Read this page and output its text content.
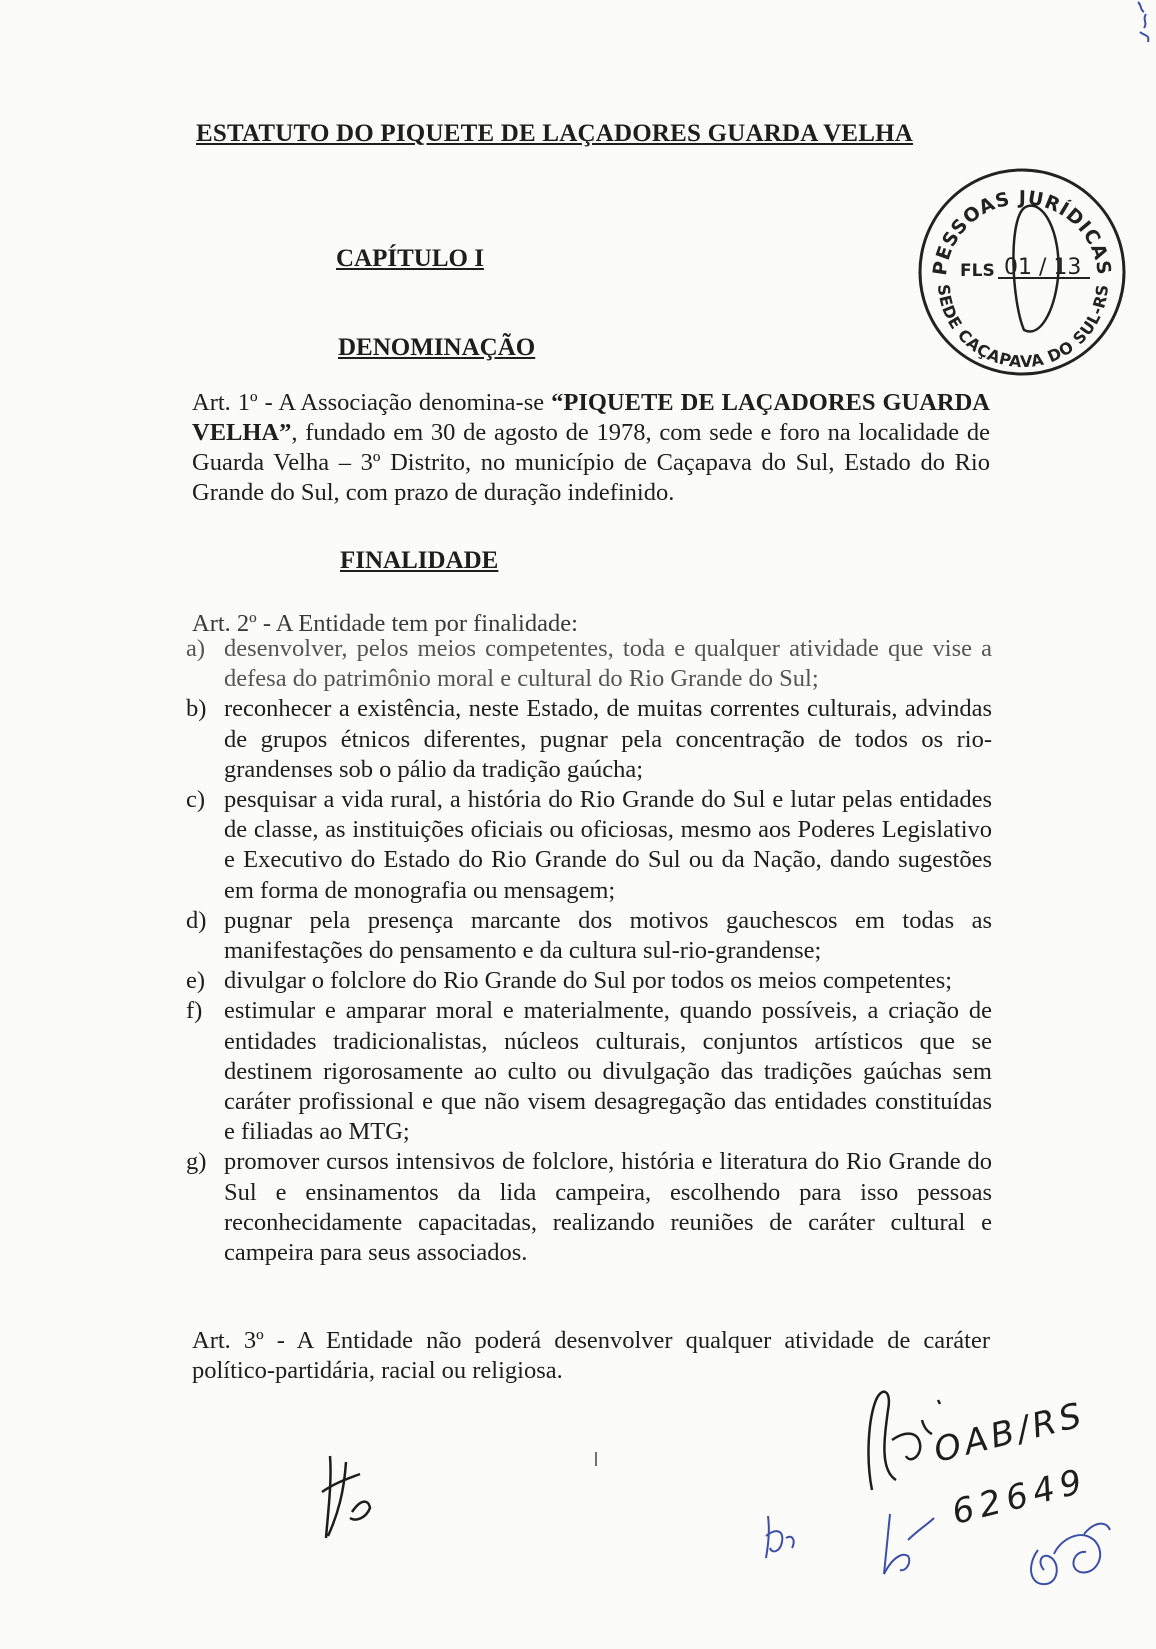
ESTATUTO DO PIQUETE DE LAÇADORES GUARDA VELHA
CAPÍTULO I
DENOMINAÇÃO
PESSOAS JURÍDICAS
SEDE CAÇAPAVA DO SUL-RS
FLS 01 / 13
Art. 1º - A Associação denomina-se “PIQUETE DE LAÇADORES GUARDA VELHA”, fundado em 30 de agosto de 1978, com sede e foro na localidade de Guarda Velha – 3º Distrito, no município de Caçapava do Sul, Estado do Rio Grande do Sul, com prazo de duração indefinido.
FINALIDADE
Art. 2º - A Entidade tem por finalidade:
a) desenvolver, pelos meios competentes, toda e qualquer atividade que vise a defesa do patrimônio moral e cultural do Rio Grande do Sul;
b) reconhecer a existência, neste Estado, de muitas correntes culturais, advindas de grupos étnicos diferentes, pugnar pela concentração de todos os rio-grandenses sob o pálio da tradição gaúcha;
c) pesquisar a vida rural, a história do Rio Grande do Sul e lutar pelas entidades de classe, as instituições oficiais ou oficiosas, mesmo aos Poderes Legislativo e Executivo do Estado do Rio Grande do Sul ou da Nação, dando sugestões em forma de monografia ou mensagem;
d) pugnar pela presença marcante dos motivos gauchescos em todas as manifestações do pensamento e da cultura sul-rio-grandense;
e) divulgar o folclore do Rio Grande do Sul por todos os meios competentes;
f) estimular e amparar moral e materialmente, quando possíveis, a criação de entidades tradicionalistas, núcleos culturais, conjuntos artísticos que se destinem rigorosamente ao culto ou divulgação das tradições gaúchas sem caráter profissional e que não visem desagregação das entidades constituídas e filiadas ao MTG;
g) promover cursos intensivos de folclore, história e literatura do Rio Grande do Sul e ensinamentos da lida campeira, escolhendo para isso pessoas reconhecidamente capacitadas, realizando reuniões de caráter cultural e campeira para seus associados.
Art. 3º - A Entidade não poderá desenvolver qualquer atividade de caráter político-partidária, racial ou religiosa.
OAB/RS
62649
